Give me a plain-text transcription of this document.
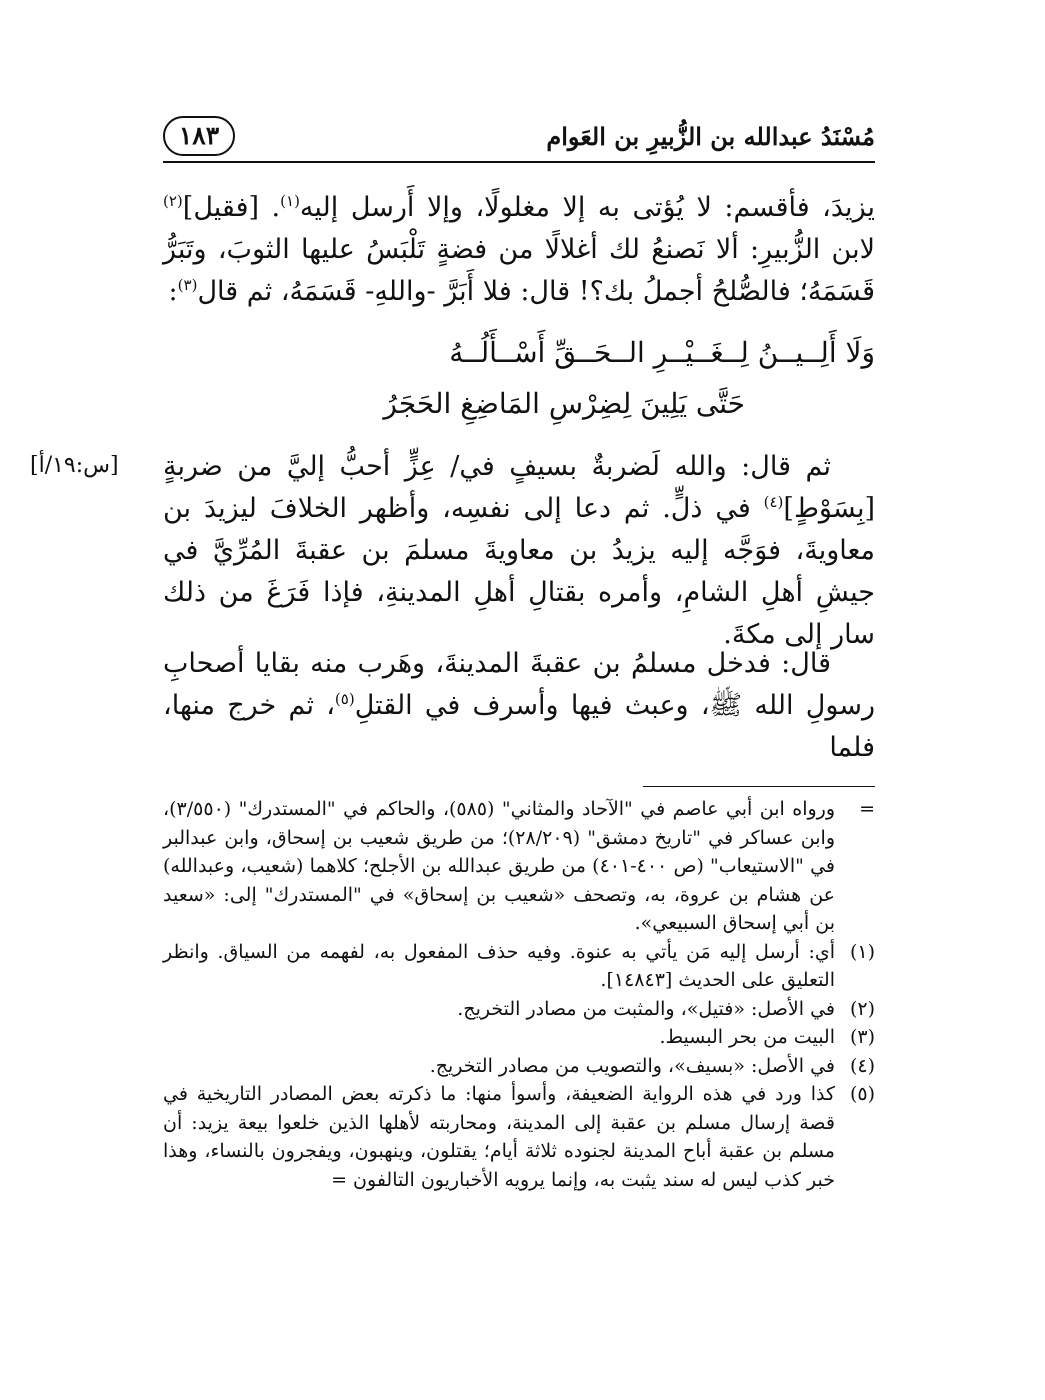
مُسْنَدُ عبدالله بن الزُّبيرِ بن العَوام
١٨٣

يزيدَ، فأقسم: لا يُؤتى به إلا مغلولًا، وإلا أَرسل إليه$^{(١)}$. [فقيل]$^{(٢)}$ لابن الزُّبيرِ: ألا نَصنعُ لك أغلالًا من فضةٍ تَلْبَسُ عليها الثوبَ، وتَبَرُّ قَسَمَهُ؛ فالصُّلحُ أجملُ بك؟! قال: فلا أَبَرَّ -واللهِ- قَسَمَهُ، ثم قال$^{(٣)}$:

وَلَا أَلِــيــنُ لِــغَــيْــرِ الــحَــقِّ أَسْــأَلُــهُ
حَتَّى يَلِينَ لِضِرْسِ المَاضِغِ الحَجَرُ
[س:١٩/أ] ثم قال: والله لَضربةٌ بسيفٍ في/ عِزٍّ أحبُّ إليَّ من ضربةٍ [بِسَوْطٍ]$^{(٤)}$ في ذلٍّ. ثم دعا إلى نفسِه، وأظهر الخلافَ ليزيدَ بن معاويةَ، فوَجَّه إليه يزيدُ بن معاويةَ مسلمَ بن عقبةَ المُرِّيَّ في جيشِ أهلِ الشامِ، وأمره بقتالِ أهلِ المدينةِ، فإذا فَرَغَ من ذلك سار إلى مكةَ.

قال: فدخل مسلمُ بن عقبةَ المدينةَ، وهَرب منه بقايا أصحابِ رسولِ الله ﷺ، وعبث فيها وأسرف في القتلِ$^{(٥)}$، ثم خرج منها، فلما

=
ورواه ابن أبي عاصم في "الآحاد والمثاني" (٥٨٥)، والحاكم في "المستدرك" (٣/٥٥٠)، وابن عساكر في "تاريخ دمشق" (٢٨/٢٠٩)؛ من طريق شعيب بن إسحاق، وابن عبدالبر في "الاستيعاب" (ص ٤٠٠-٤٠١) من طريق عبدالله بن الأجلح؛ كلاهما (شعيب، وعبدالله) عن هشام بن عروة، به، وتصحف «شعيب بن إسحاق» في "المستدرك" إلى: «سعيد بن أبي إسحاق السبيعي».
(١)
أي: أرسل إليه مَن يأتي به عنوة. وفيه حذف المفعول به، لفهمه من السياق. وانظر التعليق على الحديث [١٤٨٤٣].
(٢)
في الأصل: «فتيل»، والمثبت من مصادر التخريج.
(٣)
البيت من بحر البسيط.
(٤)
في الأصل: «بسيف»، والتصويب من مصادر التخريج.
(٥)
كذا ورد في هذه الرواية الضعيفة، وأسوأ منها: ما ذكرته بعض المصادر التاريخية في قصة إرسال مسلم بن عقبة إلى المدينة، ومحاربته لأهلها الذين خلعوا بيعة يزيد: أن مسلم بن عقبة أباح المدينة لجنوده ثلاثة أيام؛ يقتلون، وينهبون، ويفجرون بالنساء، وهذا خبر كذب ليس له سند يثبت به، وإنما يرويه الأخباريون التالفون =
